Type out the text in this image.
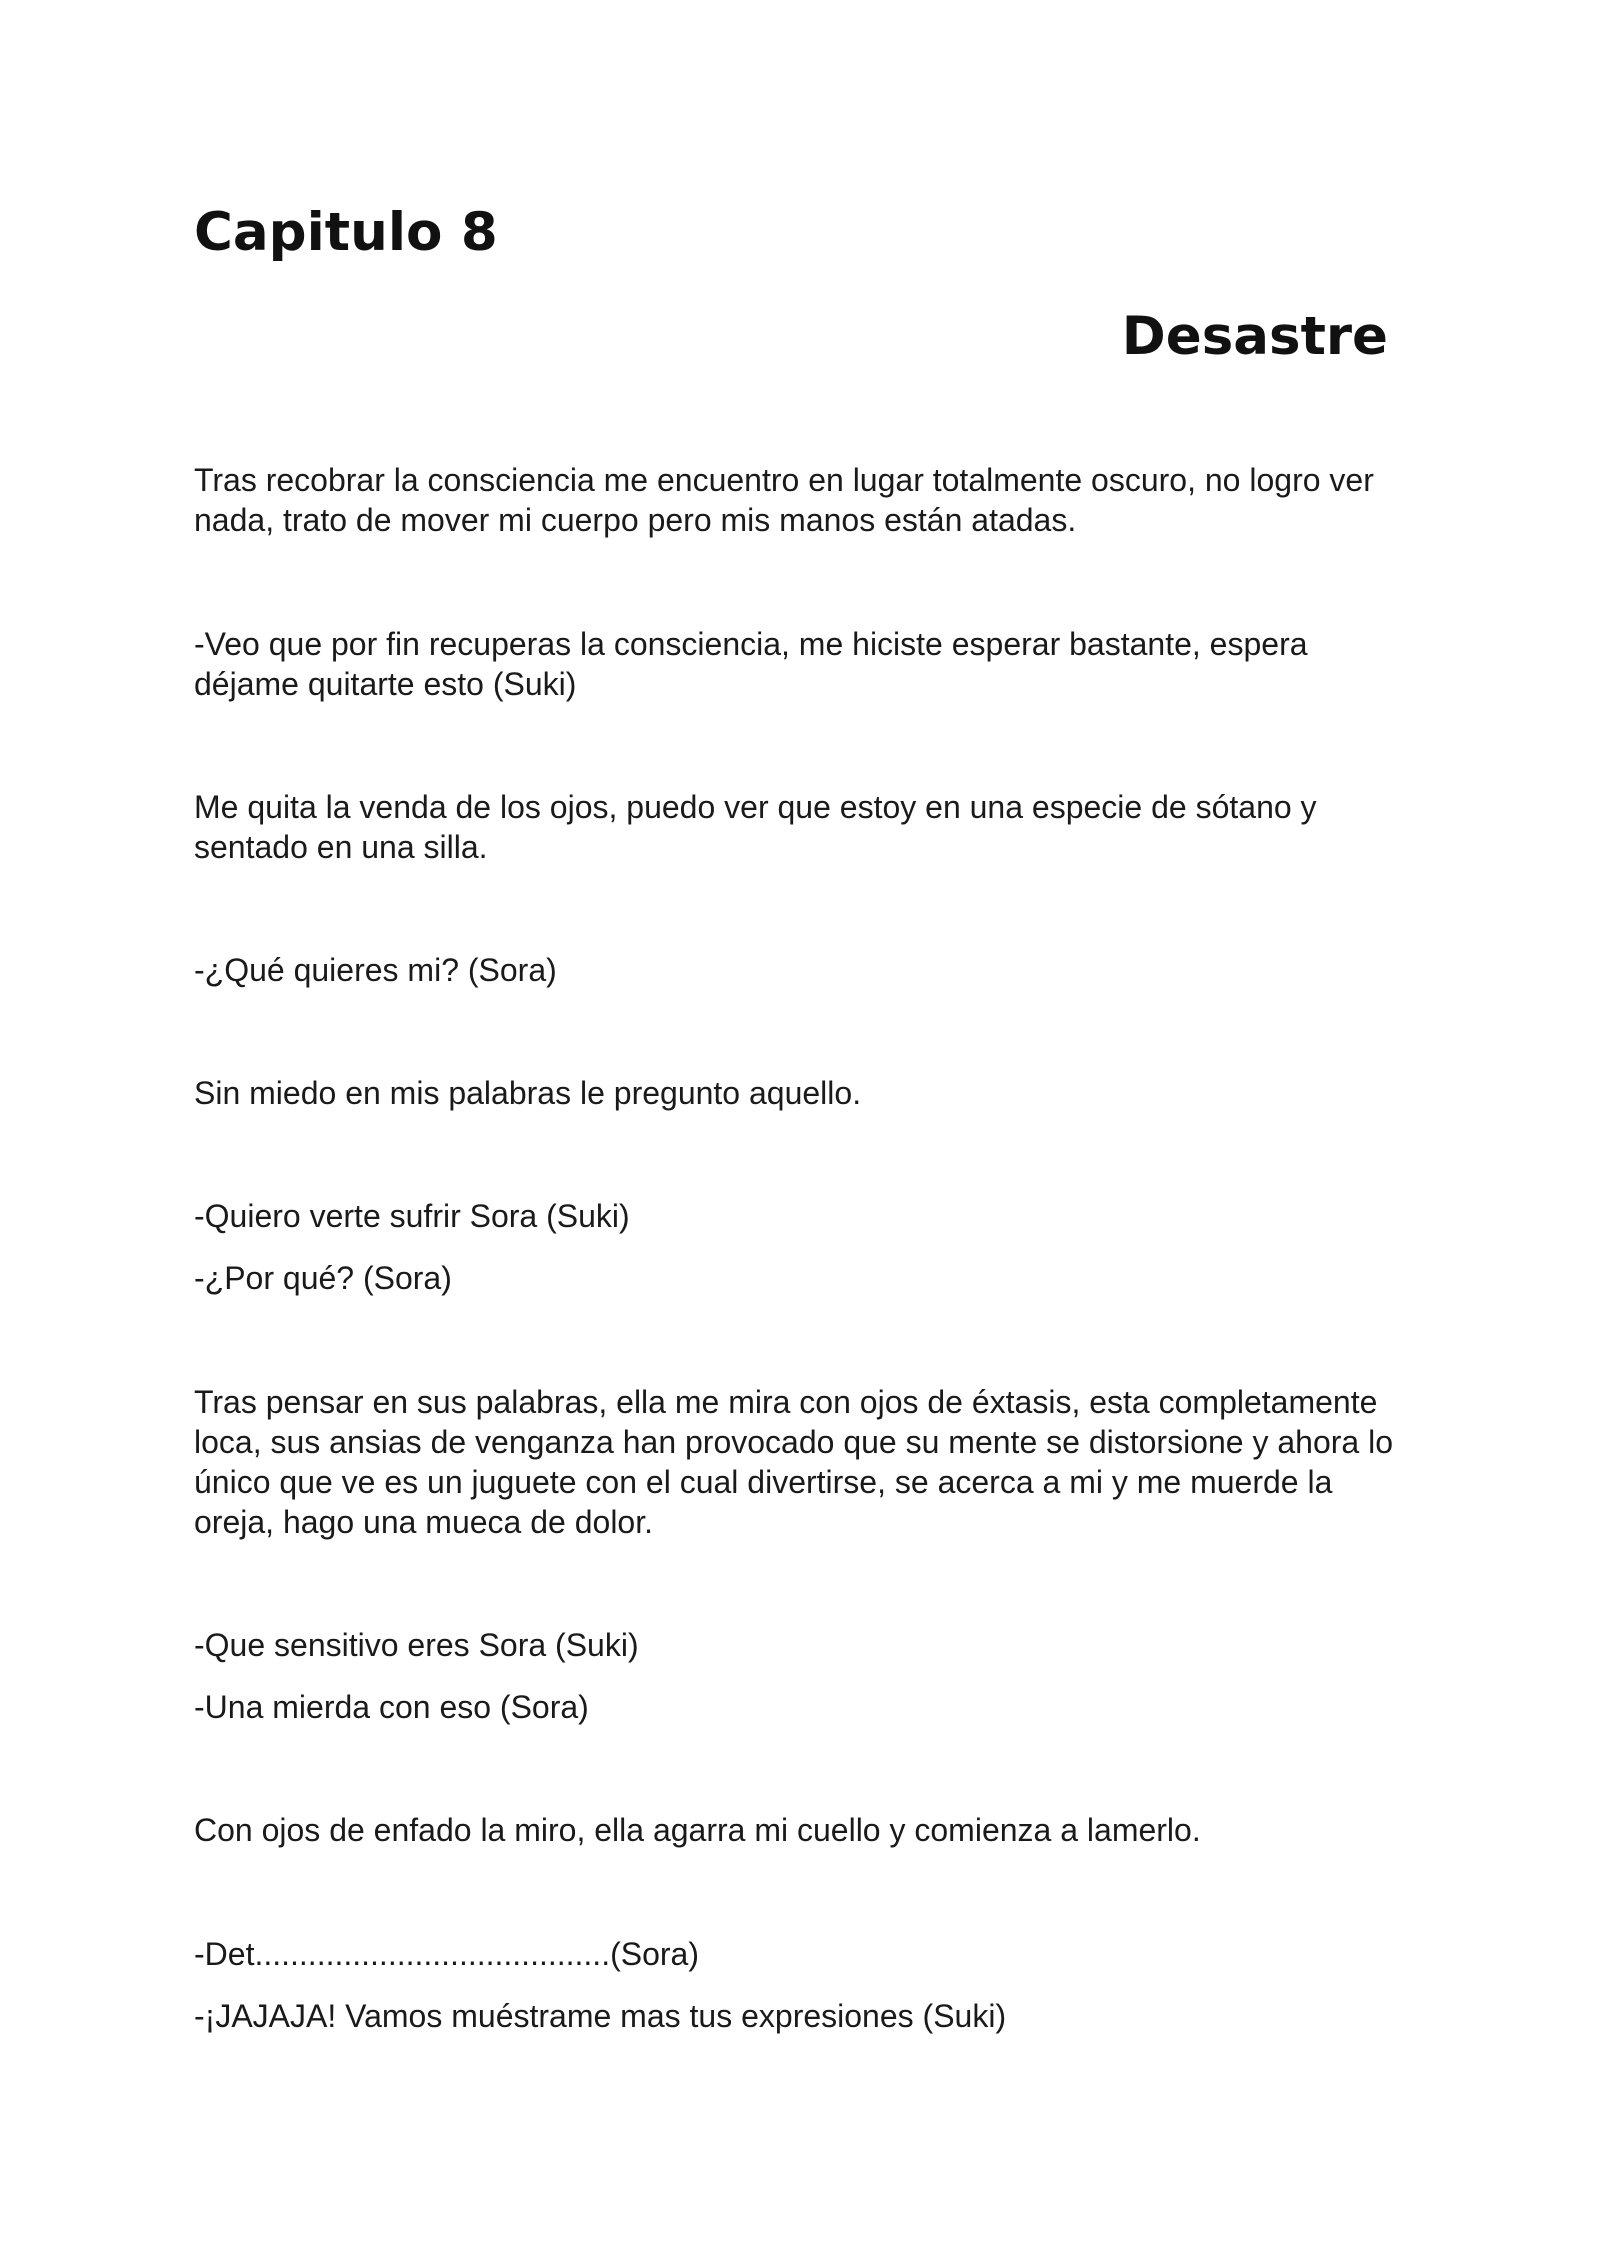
Capitulo 8
Desastre

Tras recobrar la consciencia me encuentro en lugar totalmente oscuro, no logro ver nada, trato de mover mi cuerpo pero mis manos están atadas.

-Veo que por fin recuperas la consciencia, me hiciste esperar bastante, espera déjame quitarte esto (Suki)

Me quita la venda de los ojos, puedo ver que estoy en una especie de sótano y sentado en una silla.

-¿Qué quieres mi? (Sora)

Sin miedo en mis palabras le pregunto aquello.

-Quiero verte sufrir Sora (Suki)

-¿Por qué? (Sora)

Tras pensar en sus palabras, ella me mira con ojos de éxtasis, esta completamente loca, sus ansias de venganza han provocado que su mente se distorsione y ahora lo único que ve es un juguete con el cual divertirse, se acerca a mi y me muerde la oreja, hago una mueca de dolor.

-Que sensitivo eres Sora (Suki)

-Una mierda con eso (Sora)

Con ojos de enfado la miro, ella agarra mi cuello y comienza a lamerlo.

-Det........................................(Sora)

-¡JAJAJA! Vamos muéstrame mas tus expresiones (Suki)
